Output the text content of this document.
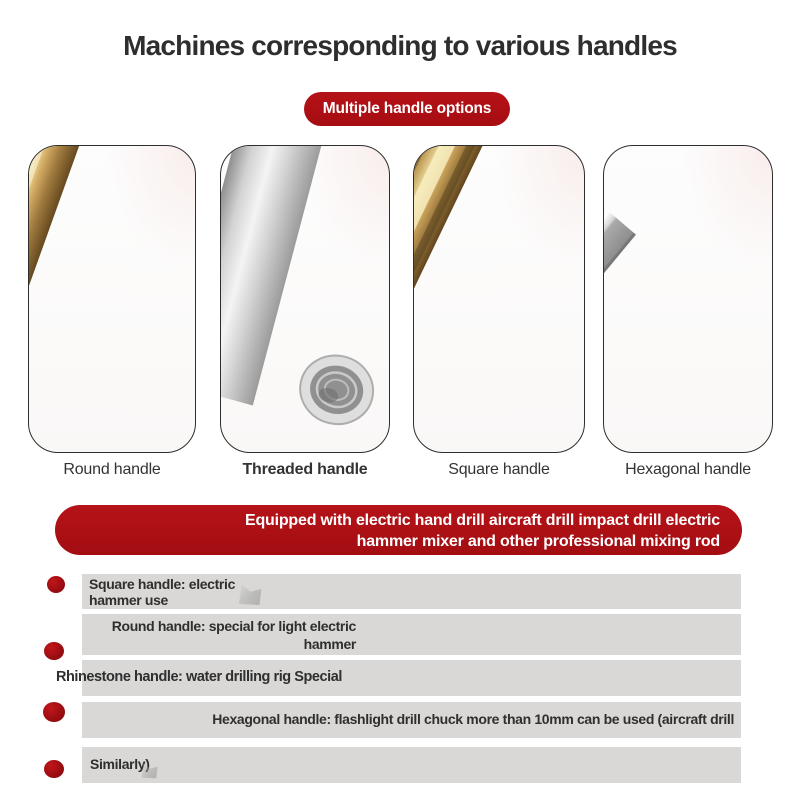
Machines corresponding to various handles
Multiple handle options
Round handle	Threaded handle	Square handle	Hexagonal handle
Equipped with electric hand drill aircraft drill impact drill electric
hammer mixer and other professional mixing rod
Square handle: electric
hammer use
Round handle: special for light electric
hammer
Rhinestone handle: water drilling rig Special
Hexagonal handle: flashlight drill chuck more than 10mm can be used (aircraft drill
Similarly)
